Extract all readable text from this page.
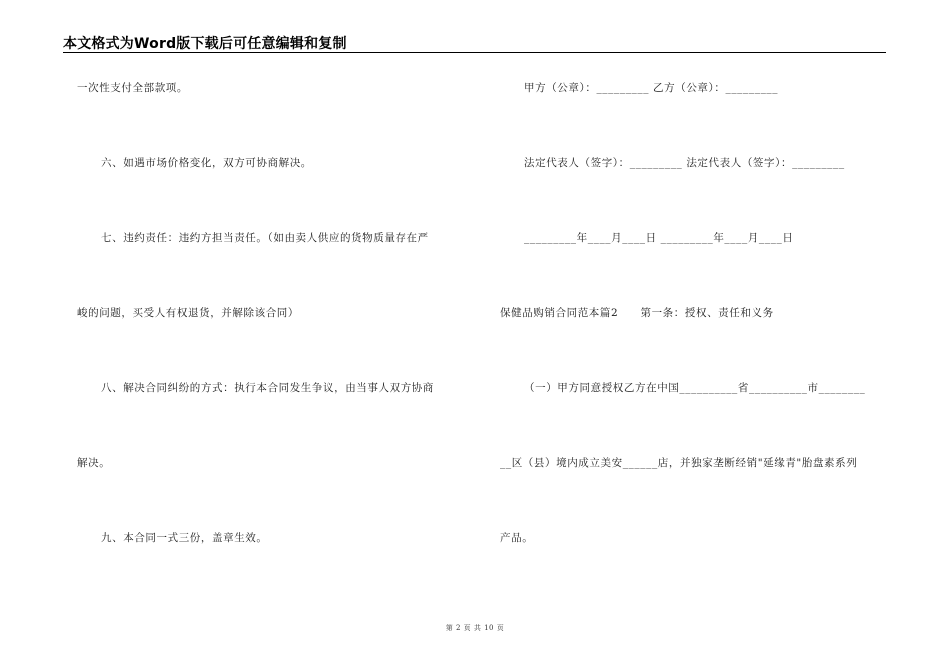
本文格式为Word版下载后可任意编辑和复制
一次性支付全部款项。
六、如遇市场价格变化，双方可协商解决。
七、违约责任：违约方担当责任。（如由卖人供应的货物质量存在严
峻的问题，买受人有权退货，并解除该合同）
八、解决合同纠纷的方式：执行本合同发生争议，由当事人双方协商
解决。
九、本合同一式三份，盖章生效。
甲方（公章）：_________ 乙方（公章）：_________
法定代表人（签字）：_________ 法定代表人（签字）：_________
_________年____月____日 _________年____月____日
保健品购销合同范本篇2　　第一条：授权、责任和义务
（一）甲方同意授权乙方在中国__________省__________市________
__区（县）境内成立美安______店，并独家垄断经销"延缘青"胎盘素系列
产品。
第 2 页 共 10 页
